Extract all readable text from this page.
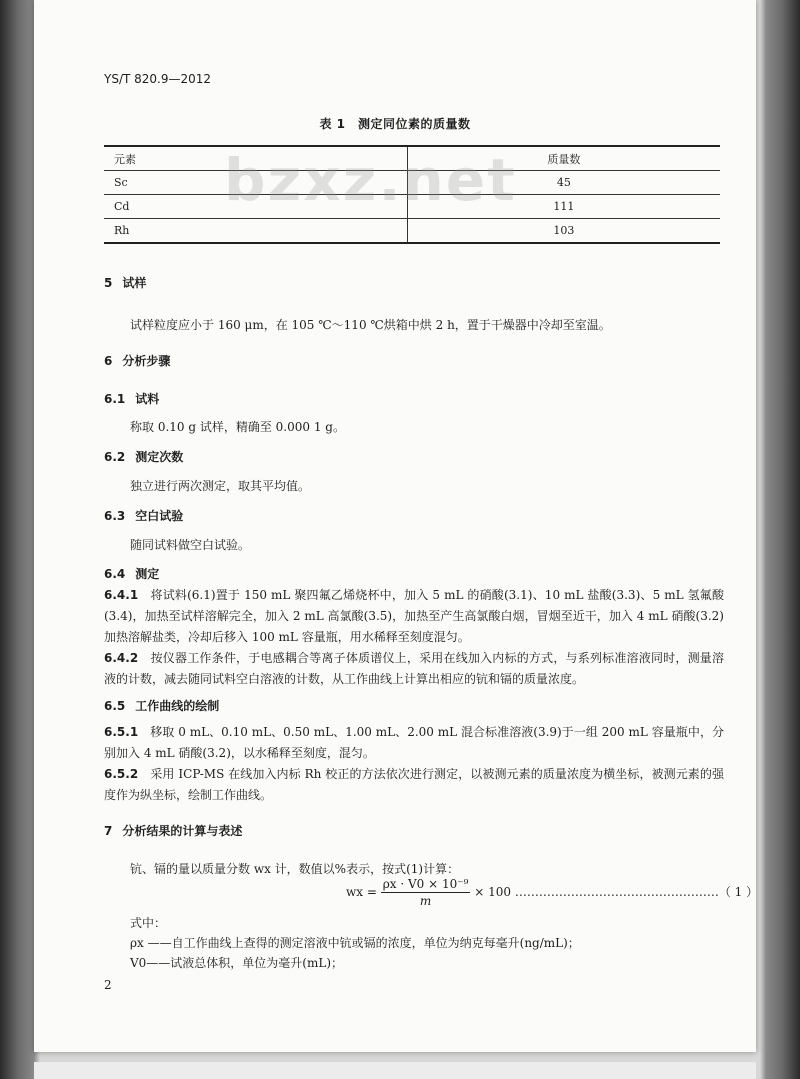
YS/T 820.9—2012
表 1　测定同位素的质量数
元素	质量数
Sc	45
Cd	111
Rh	103
bzxz.net
5 试样
试样粒度应小于 160 μm，在 105 ℃～110 ℃烘箱中烘 2 h，置于干燥器中冷却至室温。
6 分析步骤
6.1 试料
称取 0.10 g 试样，精确至 0.000 1 g。
6.2 测定次数
独立进行两次测定，取其平均值。
6.3 空白试验
随同试料做空白试验。
6.4 测定
6.4.1　 将试料(6.1)置于 150 mL 聚四氟乙烯烧杯中，加入 5 mL 的硝酸(3.1)、10 mL 盐酸(3.3)、5 mL 氢氟酸(3.4)，加热至试样溶解完全，加入 2 mL 高氯酸(3.5)，加热至产生高氯酸白烟，冒烟至近干，加入 4 mL 硝酸(3.2)加热溶解盐类，冷却后移入 100 mL 容量瓶，用水稀释至刻度混匀。
6.4.2　 按仪器工作条件，于电感耦合等离子体质谱仪上，采用在线加入内标的方式，与系列标准溶液同时，测量溶液的计数，减去随同试料空白溶液的计数，从工作曲线上计算出相应的钪和镉的质量浓度。
6.5 工作曲线的绘制
6.5.1　 移取 0 mL、0.10 mL、0.50 mL、1.00 mL、2.00 mL 混合标准溶液(3.9)于一组 200 mL 容量瓶中，分别加入 4 mL 硝酸(3.2)，以水稀释至刻度，混匀。
6.5.2　 采用 ICP-MS 在线加入内标 Rh 校正的方法依次进行测定，以被测元素的质量浓度为横坐标，被测元素的强度作为纵坐标，绘制工作曲线。
7 分析结果的计算与表述
钪、镉的量以质量分数 wx 计，数值以%表示，按式(1)计算：
wx = $\frac{\text{ρx · V0 × 10⁻⁹}}{m} \times 100$ ……………………………………………（ 1 ）
式中：
ρx ——自工作曲线上查得的测定溶液中钪或镉的浓度，单位为纳克每毫升(ng/mL)；
V0——试液总体积，单位为毫升(mL)；
2
